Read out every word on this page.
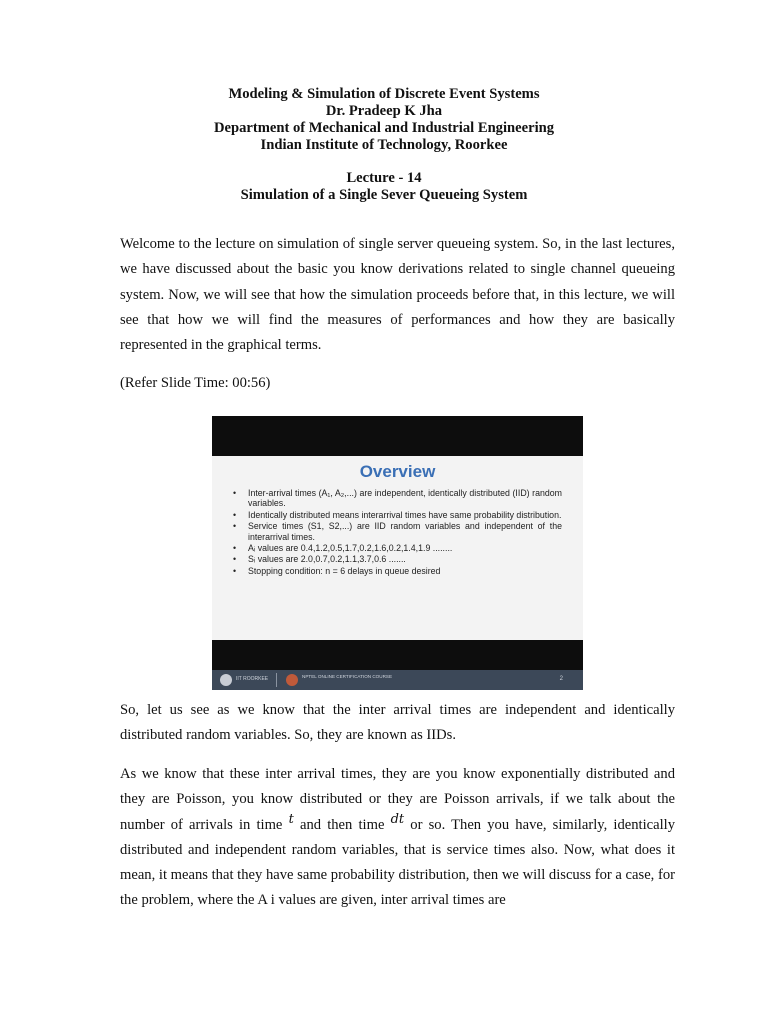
Modeling & Simulation of Discrete Event Systems
Dr. Pradeep K Jha
Department of Mechanical and Industrial Engineering
Indian Institute of Technology, Roorkee
Lecture - 14
Simulation of a Single Sever Queueing System
Welcome to the lecture on simulation of single server queueing system. So, in the last lectures, we have discussed about the basic you know derivations related to single channel queueing system. Now, we will see that how the simulation proceeds before that, in this lecture, we will see that how we will find the measures of performances and how they are basically represented in the graphical terms.
(Refer Slide Time: 00:56)
Overview
• Inter-arrival times (A₁, A₂,...) are independent, identically distributed (IID) random variables.
• Identically distributed means interarrival times have same probability distribution.
• Service times (S1, S2,...) are IID random variables and independent of the interarrival times.
• Aᵢ values are 0.4,1.2,0.5,1.7,0.2,1.6,0.2,1.4,1.9 ........
• Sᵢ values are 2.0,0.7,0.2,1.1,3.7,0.6 .......
• Stopping condition: n = 6 delays in queue desired
IIT ROORKEE	NPTEL ONLINE CERTIFICATION COURSE	2
So, let us see as we know that the inter arrival times are independent and identically distributed random variables. So, they are known as IIDs.
As we know that these inter arrival times, they are you know exponentially distributed and they are Poisson, you know distributed or they are Poisson arrivals, if we talk about the number of arrivals in time t and then time dt or so. Then you have, similarly, identically distributed and independent random variables, that is service times also. Now, what does it mean, it means that they have same probability distribution, then we will discuss for a case, for the problem, where the A i values are given, inter arrival times are
